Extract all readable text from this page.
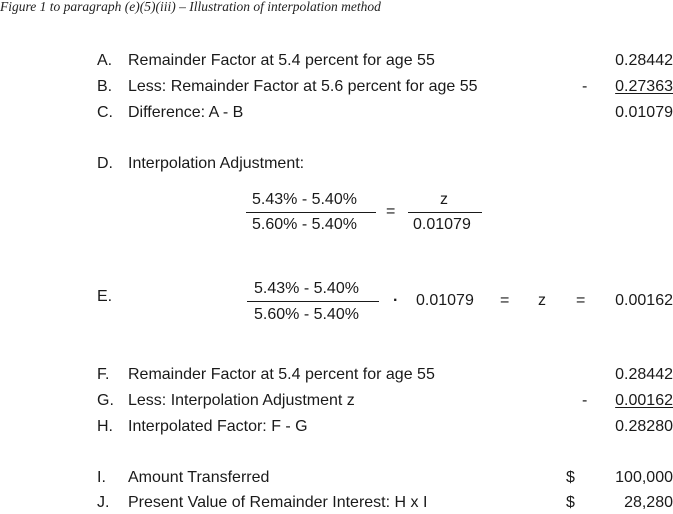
Figure 1 to paragraph (e)(5)(iii) – Illustration of interpolation method
A. Remainder Factor at 5.4 percent for age 55	0.28442
B. Less: Remainder Factor at 5.6 percent for age 55	-	0.27363
C. Difference: A - B	0.01079
D. Interpolation Adjustment:
5.43% - 5.40%
5.60% - 5.40%
=
z
0.01079
E.	5.43% - 5.40%
5.60% - 5.40%
· 0.01079 = z =	0.00162
F. Remainder Factor at 5.4 percent for age 55	0.28442
G. Less: Interpolation Adjustment z	-	0.00162
H. Interpolated Factor: F - G	0.28280
I. Amount Transferred	$	100,000
J. Present Value of Remainder Interest: H x I	$	28,280
